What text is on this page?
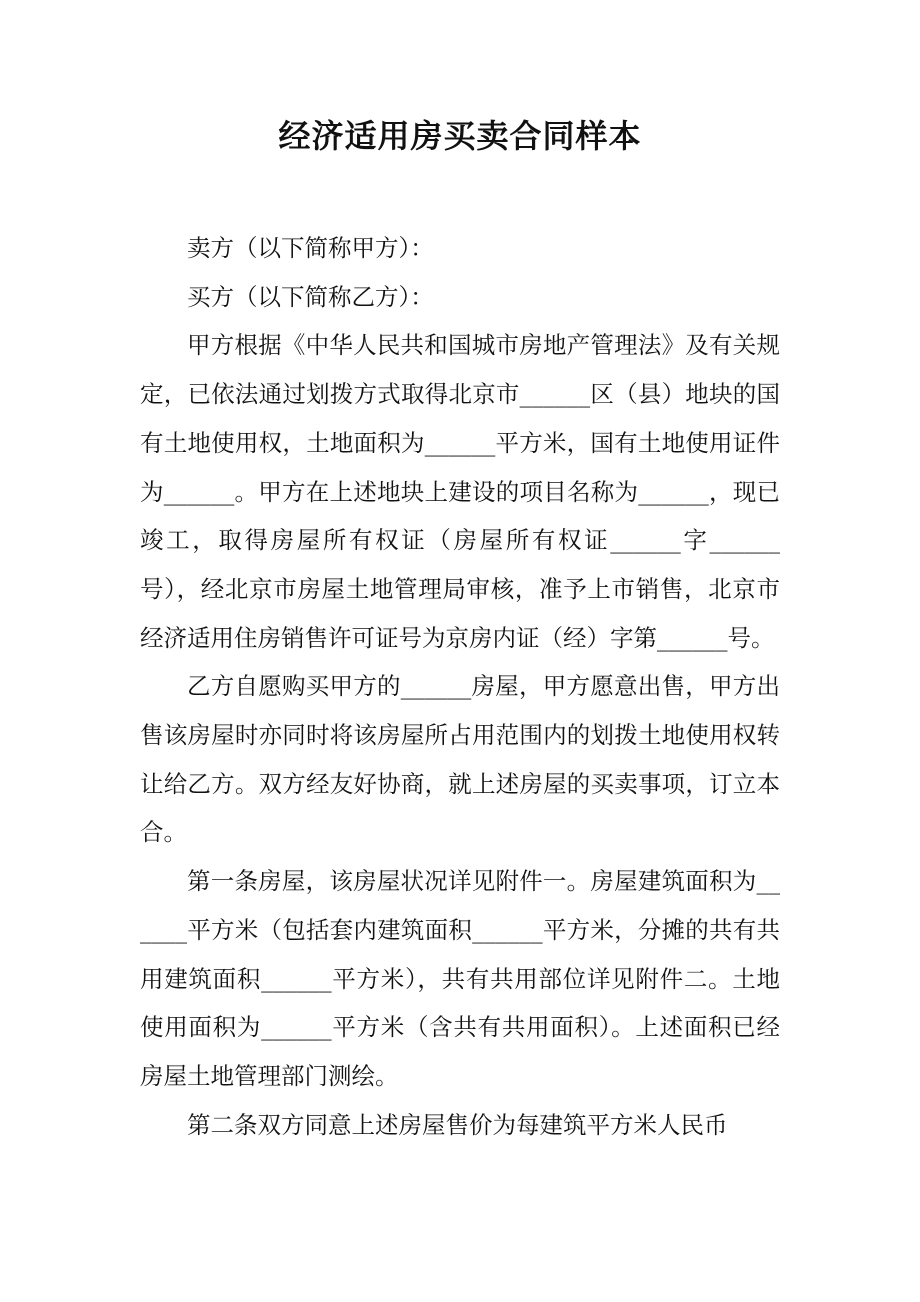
经济适用房买卖合同样本

卖方（以下简称甲方）：

买方（以下简称乙方）：

甲方根据《中华人民共和国城市房地产管理法》及有关规定，已依法通过划拨方式取得北京市______区（县）地块的国有土地使用权，土地面积为______平方米，国有土地使用证件为______。甲方在上述地块上建设的项目名称为______，现已竣工，取得房屋所有权证（房屋所有权证______字______号），经北京市房屋土地管理局审核，准予上市销售，北京市经济适用住房销售许可证号为京房内证（经）字第______号。

乙方自愿购买甲方的______房屋，甲方愿意出售，甲方出售该房屋时亦同时将该房屋所占用范围内的划拨土地使用权转让给乙方。双方经友好协商，就上述房屋的买卖事项，订立本合。

第一条房屋，该房屋状况详见附件一。房屋建筑面积为______平方米（包括套内建筑面积______平方米，分摊的共有共用建筑面积______平方米），共有共用部位详见附件二。土地使用面积为______平方米（含共有共用面积）。上述面积已经房屋土地管理部门测绘。

第二条双方同意上述房屋售价为每建筑平方米人民币
